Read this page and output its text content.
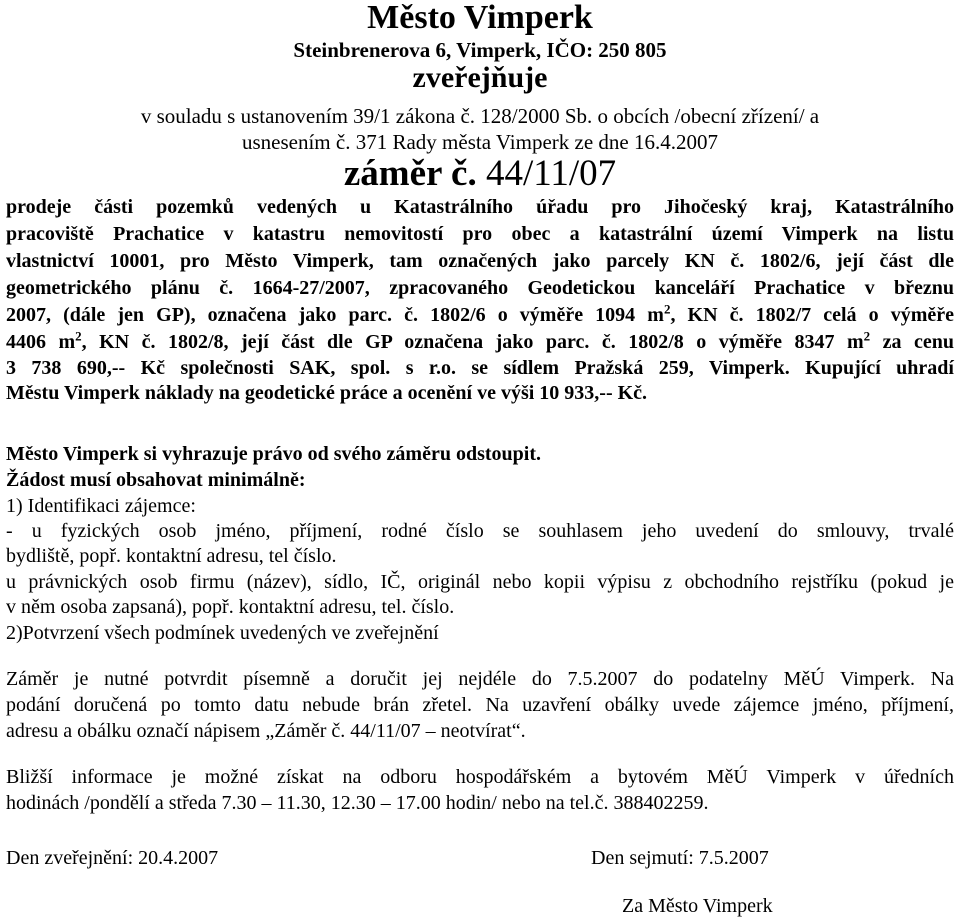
Město Vimperk

Steinbrenerova 6, Vimperk, IČO: 250 805

zveřejňuje

v souladu s ustanovením 39/1 zákona č. 128/2000 Sb. o obcích /obecní zřízení/ a

usnesením č. 371 Rady města Vimperk ze dne 16.4.2007

záměr č. 44/11/07

prodeje části pozemků vedených u Katastrálního úřadu pro Jihočeský kraj, Katastrálního

pracoviště Prachatice v katastru nemovitostí pro obec a katastrální území Vimperk na listu

vlastnictví 10001, pro Město Vimperk, tam označených jako parcely KN č. 1802/6, její část dle

geometrického plánu č. 1664-27/2007, zpracovaného Geodetickou kanceláří Prachatice v březnu

2007, (dále jen GP), označena jako parc. č. 1802/6 o výměře 1094 $m^2$, KN č. 1802/7 celá o výměře

4406 $m^2$, KN č. 1802/8, její část dle GP označena jako parc. č. 1802/8 o výměře 8347 $m^2$ za cenu

3 738 690,-- Kč společnosti SAK, spol. s r.o. se sídlem Pražská 259, Vimperk. Kupující uhradí

Městu Vimperk náklady na geodetické práce a ocenění ve výši 10 933,-- Kč.

Město Vimperk si vyhrazuje právo od svého záměru odstoupit.

Žádost musí obsahovat minimálně:

1) Identifikaci zájemce:

- u fyzických osob jméno, příjmení, rodné číslo se souhlasem jeho uvedení do smlouvy, trvalé

bydliště, popř. kontaktní adresu, tel číslo.

u právnických osob firmu (název), sídlo, IČ, originál nebo kopii výpisu z obchodního rejstříku (pokud je

v něm osoba zapsaná), popř. kontaktní adresu, tel. číslo.

2)Potvrzení všech podmínek uvedených ve zveřejnění

Záměr je nutné potvrdit písemně a doručit jej nejdéle do 7.5.2007 do podatelny MěÚ Vimperk. Na

podání doručená po tomto datu nebude brán zřetel. Na uzavření obálky uvede zájemce jméno, příjmení,

adresu a obálku označí nápisem „Záměr č. 44/11/07 – neotvírat“.

Bližší informace je možné získat na odboru hospodářském a bytovém MěÚ Vimperk v úředních

hodinách /pondělí a středa 7.30 – 11.30, 12.30 – 17.00 hodin/ nebo na tel.č. 388402259.

Den zveřejnění: 20.4.2007	Den sejmutí: 7.5.2007

Za Město Vimperk
